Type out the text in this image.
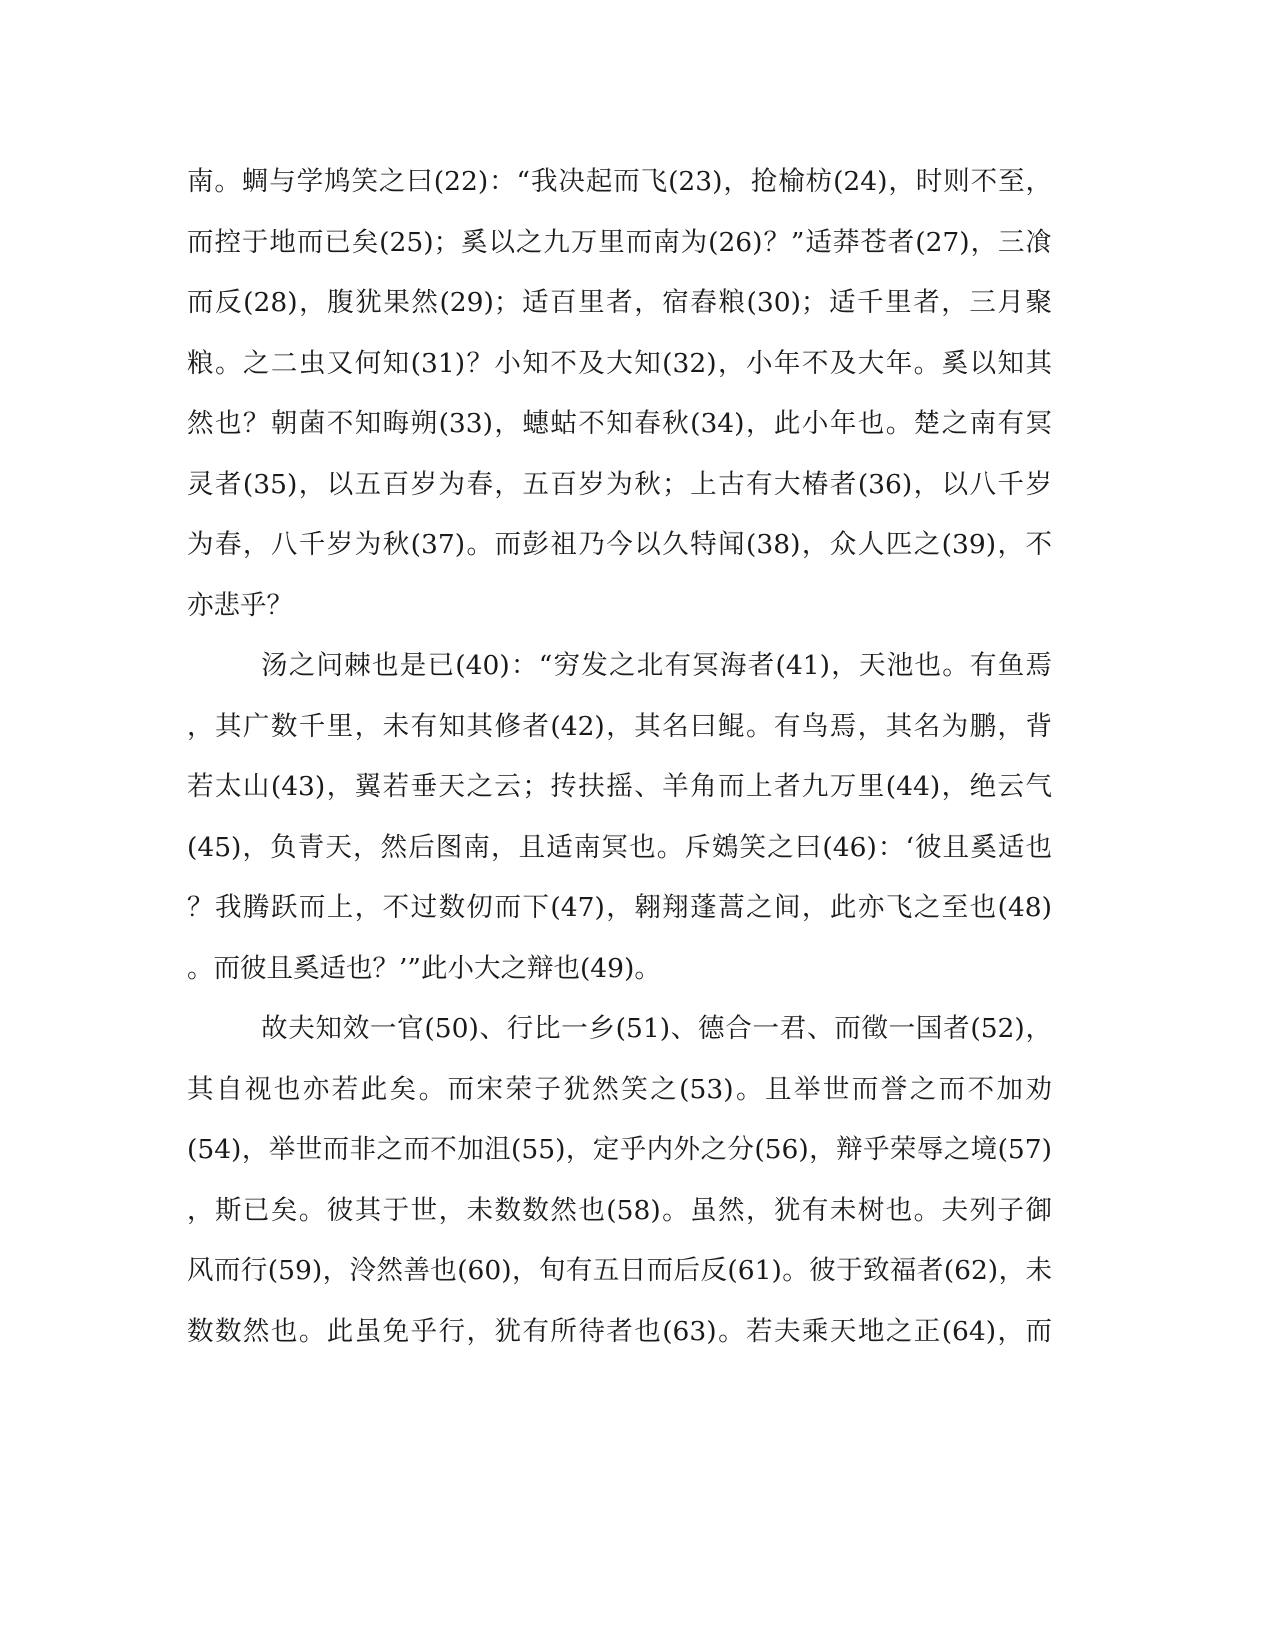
南。蜩与学鸠笑之曰(22)：“我决起而飞(23)，抢榆枋(24)，时则不至，
而控于地而已矣(25)；奚以之九万里而南为(26)？”适莽苍者(27)，三飡
而反(28)，腹犹果然(29)；适百里者，宿舂粮(30)；适千里者，三月聚
粮。之二虫又何知(31)？小知不及大知(32)，小年不及大年。奚以知其
然也？朝菌不知晦朔(33)，蟪蛄不知春秋(34)，此小年也。楚之南有冥
灵者(35)，以五百岁为春，五百岁为秋；上古有大椿者(36)，以八千岁
为春，八千岁为秋(37)。而彭祖乃今以久特闻(38)，众人匹之(39)，不
亦悲乎？
汤之问棘也是已(40)：“穷发之北有冥海者(41)，天池也。有鱼焉
，其广数千里，未有知其修者(42)，其名曰鲲。有鸟焉，其名为鹏，背
若太山(43)，翼若垂天之云；抟扶摇、羊角而上者九万里(44)，绝云气
(45)，负青天，然后图南，且适南冥也。斥鴳笑之曰(46)：‘彼且奚适也
？我腾跃而上，不过数仞而下(47)，翱翔蓬蒿之间，此亦飞之至也(48)
。而彼且奚适也？’”此小大之辩也(49)。
故夫知效一官(50)、行比一乡(51)、德合一君、而徵一国者(52)，
其自视也亦若此矣。而宋荣子犹然笑之(53)。且举世而誉之而不加劝
(54)，举世而非之而不加沮(55)，定乎内外之分(56)，辩乎荣辱之境(57)
，斯已矣。彼其于世，未数数然也(58)。虽然，犹有未树也。夫列子御
风而行(59)，泠然善也(60)，旬有五日而后反(61)。彼于致福者(62)，未
数数然也。此虽免乎行，犹有所待者也(63)。若夫乘天地之正(64)，而
